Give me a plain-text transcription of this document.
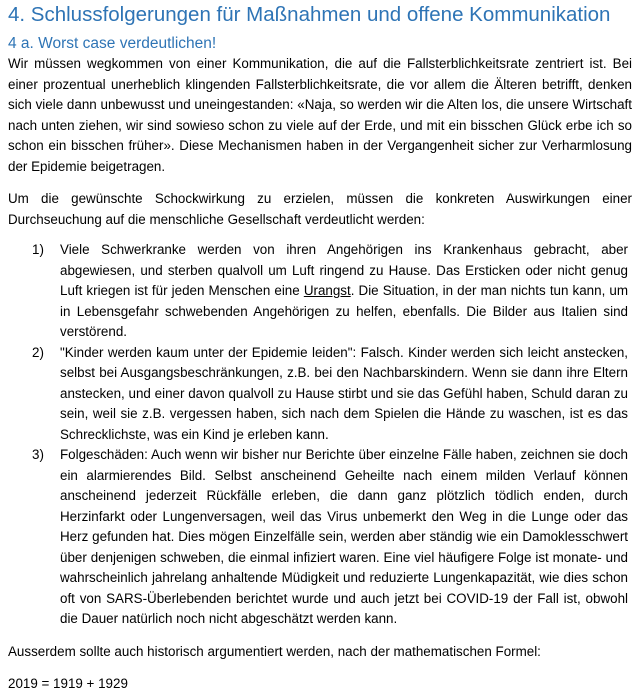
4. Schlussfolgerungen für Maßnahmen und offene Kommunikation
4 a. Worst case verdeutlichen!

Wir müssen wegkommen von einer Kommunikation, die auf die Fallsterblichkeitsrate zentriert ist. Bei einer prozentual unerheblich klingenden Fallsterblichkeitsrate, die vor allem die Älteren betrifft, denken sich viele dann unbewusst und uneingestanden: «Naja, so werden wir die Alten los, die unsere Wirtschaft nach unten ziehen, wir sind sowieso schon zu viele auf der Erde, und mit ein bisschen Glück erbe ich so schon ein bisschen früher». Diese Mechanismen haben in der Vergangenheit sicher zur Verharmlosung der Epidemie beigetragen.

Um die gewünschte Schockwirkung zu erzielen, müssen die konkreten Auswirkungen einer Durchseuchung auf die menschliche Gesellschaft verdeutlicht werden:

1)	Viele Schwerkranke werden von ihren Angehörigen ins Krankenhaus gebracht, aber abgewiesen, und sterben qualvoll um Luft ringend zu Hause. Das Ersticken oder nicht genug Luft kriegen ist für jeden Menschen eine Urangst. Die Situation, in der man nichts tun kann, um in Lebensgefahr schwebenden Angehörigen zu helfen, ebenfalls. Die Bilder aus Italien sind verstörend.
2)	"Kinder werden kaum unter der Epidemie leiden": Falsch. Kinder werden sich leicht anstecken, selbst bei Ausgangsbeschränkungen, z.B. bei den Nachbarskindern. Wenn sie dann ihre Eltern anstecken, und einer davon qualvoll zu Hause stirbt und sie das Gefühl haben, Schuld daran zu sein, weil sie z.B. vergessen haben, sich nach dem Spielen die Hände zu waschen, ist es das Schrecklichste, was ein Kind je erleben kann.
3)	Folgeschäden: Auch wenn wir bisher nur Berichte über einzelne Fälle haben, zeichnen sie doch ein alarmierendes Bild. Selbst anscheinend Geheilte nach einem milden Verlauf können anscheinend jederzeit Rückfälle erleben, die dann ganz plötzlich tödlich enden, durch Herzinfarkt oder Lungenversagen, weil das Virus unbemerkt den Weg in die Lunge oder das Herz gefunden hat. Dies mögen Einzelfälle sein, werden aber ständig wie ein Damoklesschwert über denjenigen schweben, die einmal infiziert waren. Eine viel häufigere Folge ist monate- und wahrscheinlich jahrelang anhaltende Müdigkeit und reduzierte Lungenkapazität, wie dies schon oft von SARS-Überlebenden berichtet wurde und auch jetzt bei COVID-19 der Fall ist, obwohl die Dauer natürlich noch nicht abgeschätzt werden kann.

Ausserdem sollte auch historisch argumentiert werden, nach der mathematischen Formel:

2019 = 1919 + 1929
